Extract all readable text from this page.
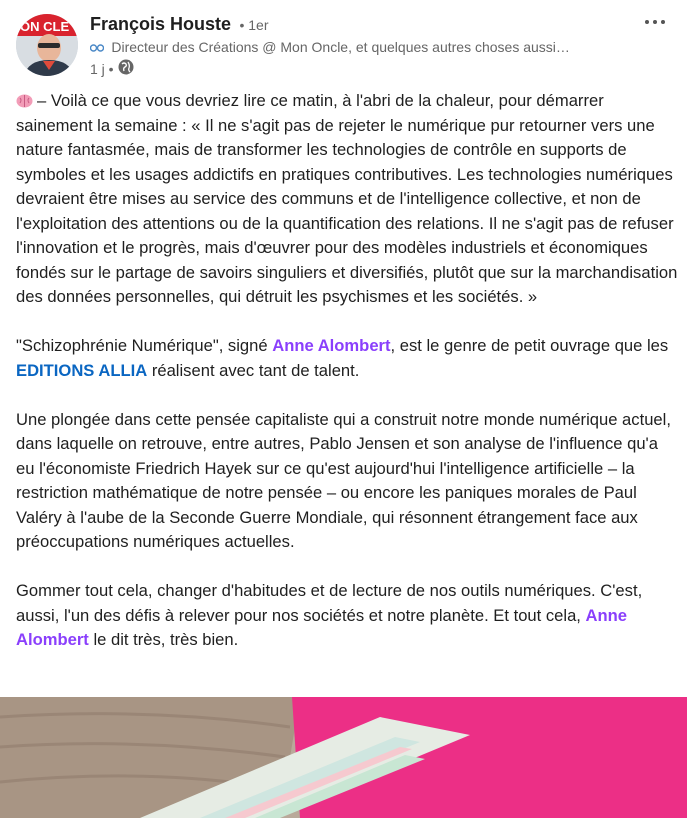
ON CLE François Houste • 1er
Directeur des Créations @ Mon Oncle, et quelques autres choses aussi…
1 j •

– Voilà ce que vous devriez lire ce matin, à l'abri de la chaleur, pour démarrer sainement la semaine : « Il ne s'agit pas de rejeter le numérique pur retourner vers une nature fantasmée, mais de transformer les technologies de contrôle en supports de symboles et les usages addictifs en pratiques contributives. Les technologies numériques devraient être mises au service des communs et de l'intelligence collective, et non de l'exploitation des attentions ou de la quantification des relations. Il ne s'agit pas de refuser l'innovation et le progrès, mais d'œuvrer pour des modèles industriels et économiques fondés sur le partage de savoirs singuliers et diversifiés, plutôt que sur la marchandisation des données personnelles, qui détruit les psychismes et les sociétés. »

"Schizophrénie Numérique", signé Anne Alombert, est le genre de petit ouvrage que les EDITIONS ALLIA réalisent avec tant de talent.

Une plongée dans cette pensée capitaliste qui a construit notre monde numérique actuel, dans laquelle on retrouve, entre autres, Pablo Jensen et son analyse de l'influence qu'a eu l'économiste Friedrich Hayek sur ce qu'est aujourd'hui l'intelligence artificielle – la restriction mathématique de notre pensée – ou encore les paniques morales de Paul Valéry à l'aube de la Seconde Guerre Mondiale, qui résonnent étrangement face aux préoccupations numériques actuelles.

Gommer tout cela, changer d'habitudes et de lecture de nos outils numériques. C'est, aussi, l'un des défis à relever pour nos sociétés et notre planète. Et tout cela, Anne Alombert le dit très, très bien.
